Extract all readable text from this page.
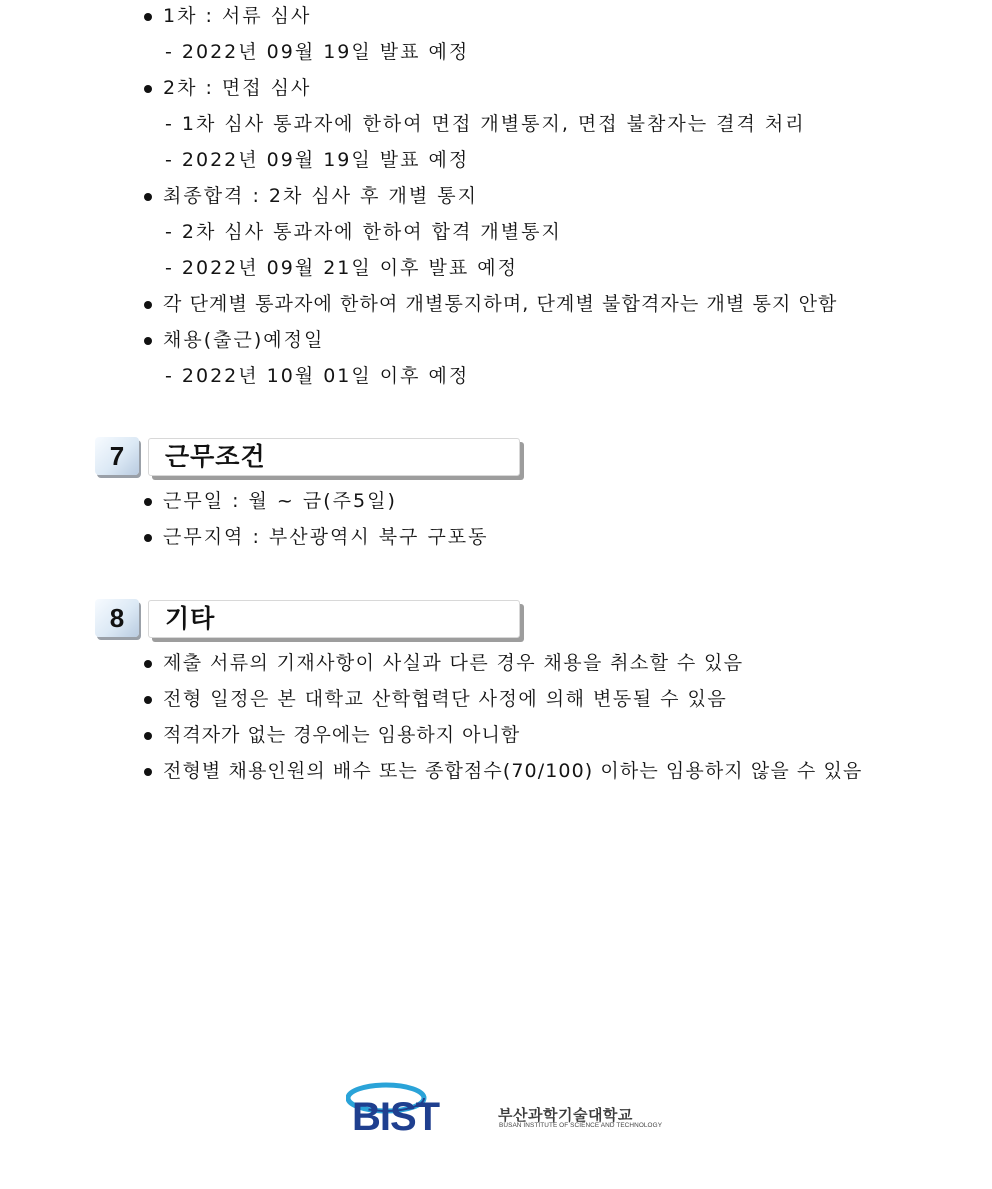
1차 : 서류 심사
- 2022년 09월 19일 발표 예정
2차 : 면접 심사
- 1차 심사 통과자에 한하여 면접 개별통지, 면접 불참자는 결격 처리
- 2022년 09월 19일 발표 예정
최종합격 : 2차 심사 후 개별 통지
- 2차 심사 통과자에 한하여 합격 개별통지
- 2022년 09월 21일 이후 발표 예정
각 단계별 통과자에 한하여 개별통지하며, 단계별 불합격자는 개별 통지 안함
채용(출근)예정일
- 2022년 10월 01일 이후 예정
7	근무조건
근무일 : 월 ~ 금(주5일)
근무지역 : 부산광역시 북구 구포동
8	기타
제출 서류의 기재사항이 사실과 다른 경우 채용을 취소할 수 있음
전형 일정은 본 대학교 산학협력단 사정에 의해 변동될 수 있음
적격자가 없는 경우에는 임용하지 아니함
전형별 채용인원의 배수 또는 종합점수(70/100) 이하는 임용하지 않을 수 있음
BIST	부산과학기술대학교
BUSAN INSTITUTE OF SCIENCE AND TECHNOLOGY
